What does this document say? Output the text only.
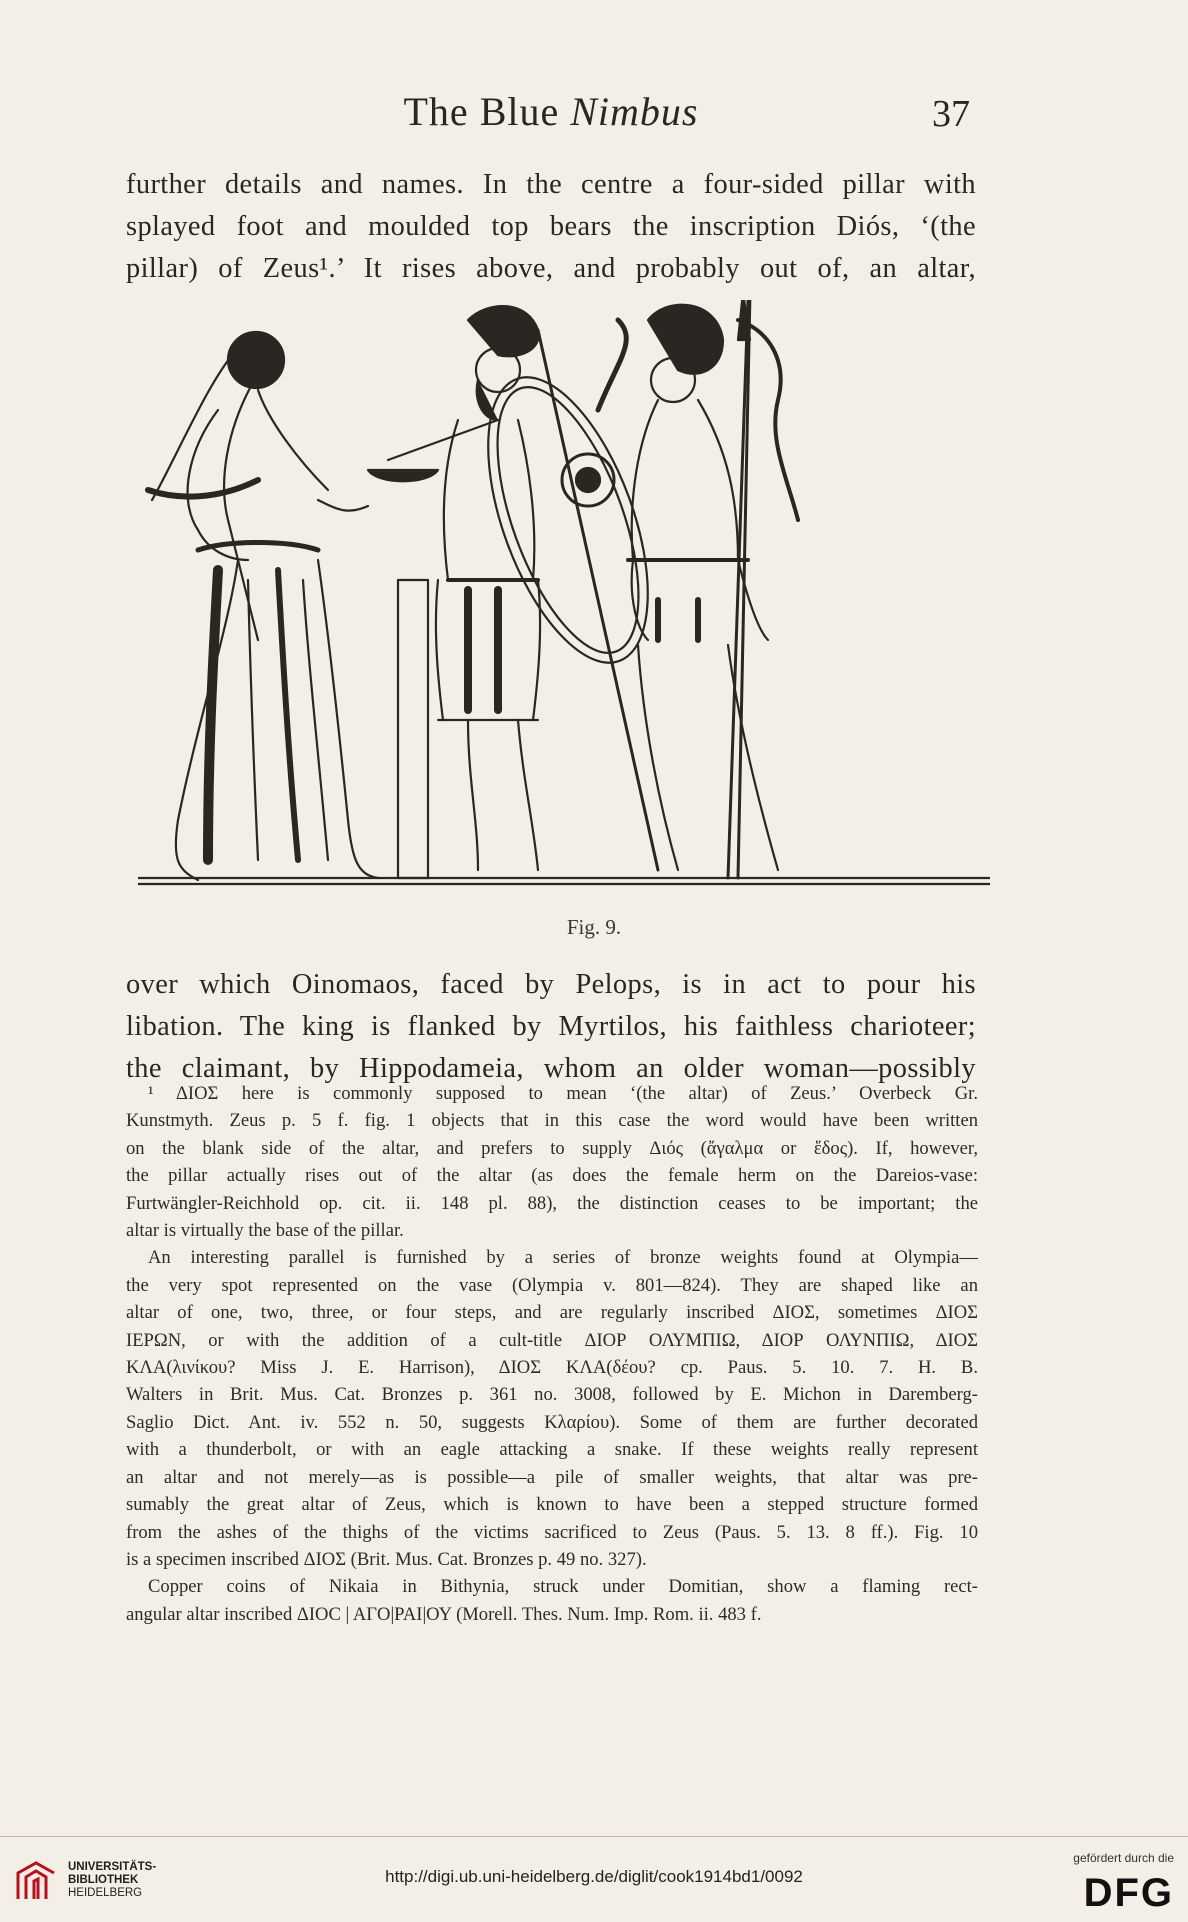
The Blue Nimbus	37
further details and names. In the centre a four-sided pillar with
splayed foot and moulded top bears the inscription Diós, ‘(the
pillar) of Zeus¹.’ It rises above, and probably out of, an altar,
Fig. 9.
over which Oinomaos, faced by Pelops, is in act to pour his
libation. The king is flanked by Myrtilos, his faithless charioteer;
the claimant, by Hippodameia, whom an older woman—possibly
¹ ΔΙΟΣ here is commonly supposed to mean ‘(the altar) of Zeus.’ Overbeck Gr.
Kunstmyth. Zeus p. 5 f. fig. 1 objects that in this case the word would have been written
on the blank side of the altar, and prefers to supply Διός (ἄγαλμα or ἕδος). If, however,
the pillar actually rises out of the altar (as does the female herm on the Dareios-vase:
Furtwängler-Reichhold op. cit. ii. 148 pl. 88), the distinction ceases to be important; the
altar is virtually the base of the pillar.
An interesting parallel is furnished by a series of bronze weights found at Olympia—
the very spot represented on the vase (Olympia v. 801—824). They are shaped like an
altar of one, two, three, or four steps, and are regularly inscribed ΔΙΟΣ, sometimes ΔΙΟΣ
ΙΕΡΩΝ, or with the addition of a cult-title ΔΙΟΡ ΟΛΥΜΠΙΩ, ΔΙΟΡ ΟΛΥΝΠΙΩ, ΔΙΟΣ
ΚΛΑ(λινίκου? Miss J. E. Harrison), ΔΙΟΣ ΚΛΑ(δέου? cp. Paus. 5. 10. 7. H. B.
Walters in Brit. Mus. Cat. Bronzes p. 361 no. 3008, followed by E. Michon in Daremberg-
Saglio Dict. Ant. iv. 552 n. 50, suggests Κλαρίου). Some of them are further decorated
with a thunderbolt, or with an eagle attacking a snake. If these weights really represent
an altar and not merely—as is possible—a pile of smaller weights, that altar was pre-
sumably the great altar of Zeus, which is known to have been a stepped structure formed
from the ashes of the thighs of the victims sacrificed to Zeus (Paus. 5. 13. 8 ff.). Fig. 10
is a specimen inscribed ΔΙΟΣ (Brit. Mus. Cat. Bronzes p. 49 no. 327).
Copper coins of Nikaia in Bithynia, struck under Domitian, show a flaming rect-
angular altar inscribed ΔΙΟϹ | ΑΓΟ|ΡΑΙ|ΟΥ (Morell. Thes. Num. Imp. Rom. ii. 483 f.
UNIVERSITÄTS-
BIBLIOTHEK
HEIDELBERG
http://digi.ub.uni-heidelberg.de/diglit/cook1914bd1/0092
gefördert durch die
DFG
